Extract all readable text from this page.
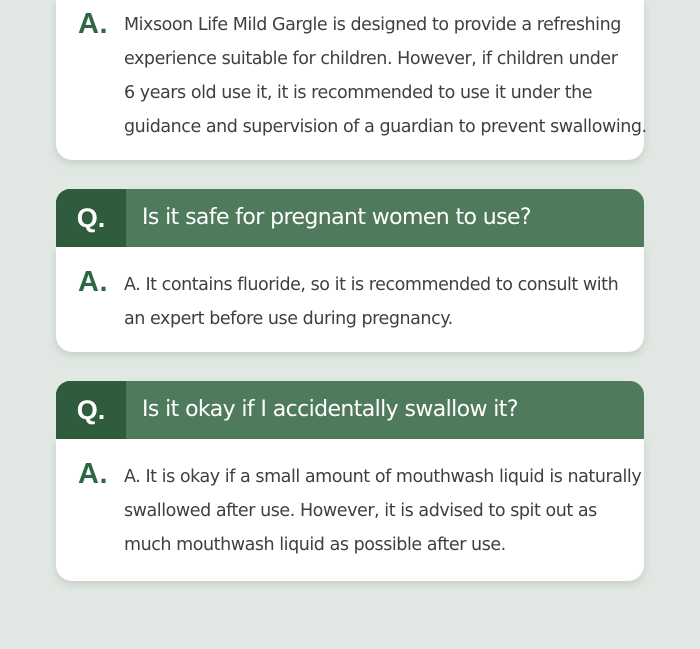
A. Mixsoon Life Mild Gargle is designed to provide a refreshing
experience suitable for children. However, if children under
6 years old use it, it is recommended to use it under the
guidance and supervision of a guardian to prevent swallowing.
Q. Is it safe for pregnant women to use?
A. A. It contains fluoride, so it is recommended to consult with
an expert before use during pregnancy.
Q. Is it okay if I accidentally swallow it?
A. A. It is okay if a small amount of mouthwash liquid is naturally
swallowed after use. However, it is advised to spit out as
much mouthwash liquid as possible after use.
